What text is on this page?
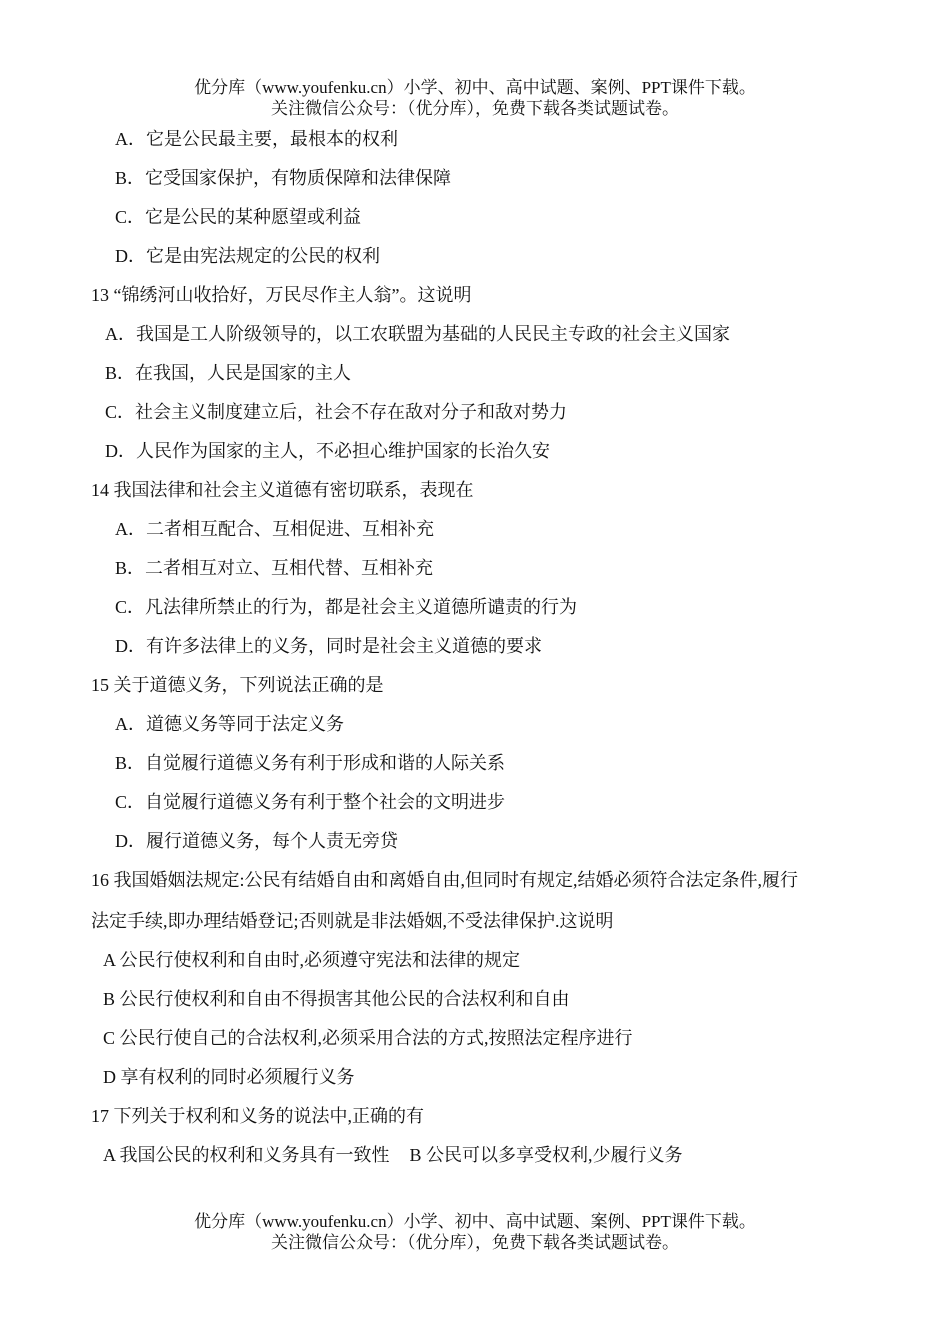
优分库（www.youfenku.cn）小学、初中、高中试题、案例、PPT课件下载。
关注微信公众号：（优分库），免费下载各类试题试卷。
A．它是公民最主要，最根本的权利
B．它受国家保护，有物质保障和法律保障
C．它是公民的某种愿望或利益
D．它是由宪法规定的公民的权利
13 “锦绣河山收拾好，万民尽作主人翁”。这说明
A．我国是工人阶级领导的，以工农联盟为基础的人民民主专政的社会主义国家
B．在我国，人民是国家的主人
C．社会主义制度建立后，社会不存在敌对分子和敌对势力
D．人民作为国家的主人，不必担心维护国家的长治久安
14 我国法律和社会主义道德有密切联系，表现在
A．二者相互配合、互相促进、互相补充
B．二者相互对立、互相代替、互相补充
C．凡法律所禁止的行为，都是社会主义道德所谴责的行为
D．有许多法律上的义务，同时是社会主义道德的要求
15 关于道德义务，下列说法正确的是
A．道德义务等同于法定义务
B．自觉履行道德义务有利于形成和谐的人际关系
C．自觉履行道德义务有利于整个社会的文明进步
D．履行道德义务，每个人责无旁贷
16 我国婚姻法规定:公民有结婚自由和离婚自由,但同时有规定,结婚必须符合法定条件,履行
法定手续,即办理结婚登记;否则就是非法婚姻,不受法律保护.这说明
A 公民行使权利和自由时,必须遵守宪法和法律的规定
B 公民行使权利和自由不得损害其他公民的合法权利和自由
C 公民行使自己的合法权利,必须采用合法的方式,按照法定程序进行
D 享有权利的同时必须履行义务
17 下列关于权利和义务的说法中,正确的有
A 我国公民的权利和义务具有一致性 B 公民可以多享受权利,少履行义务
优分库（www.youfenku.cn）小学、初中、高中试题、案例、PPT课件下载。
关注微信公众号：（优分库），免费下载各类试题试卷。
